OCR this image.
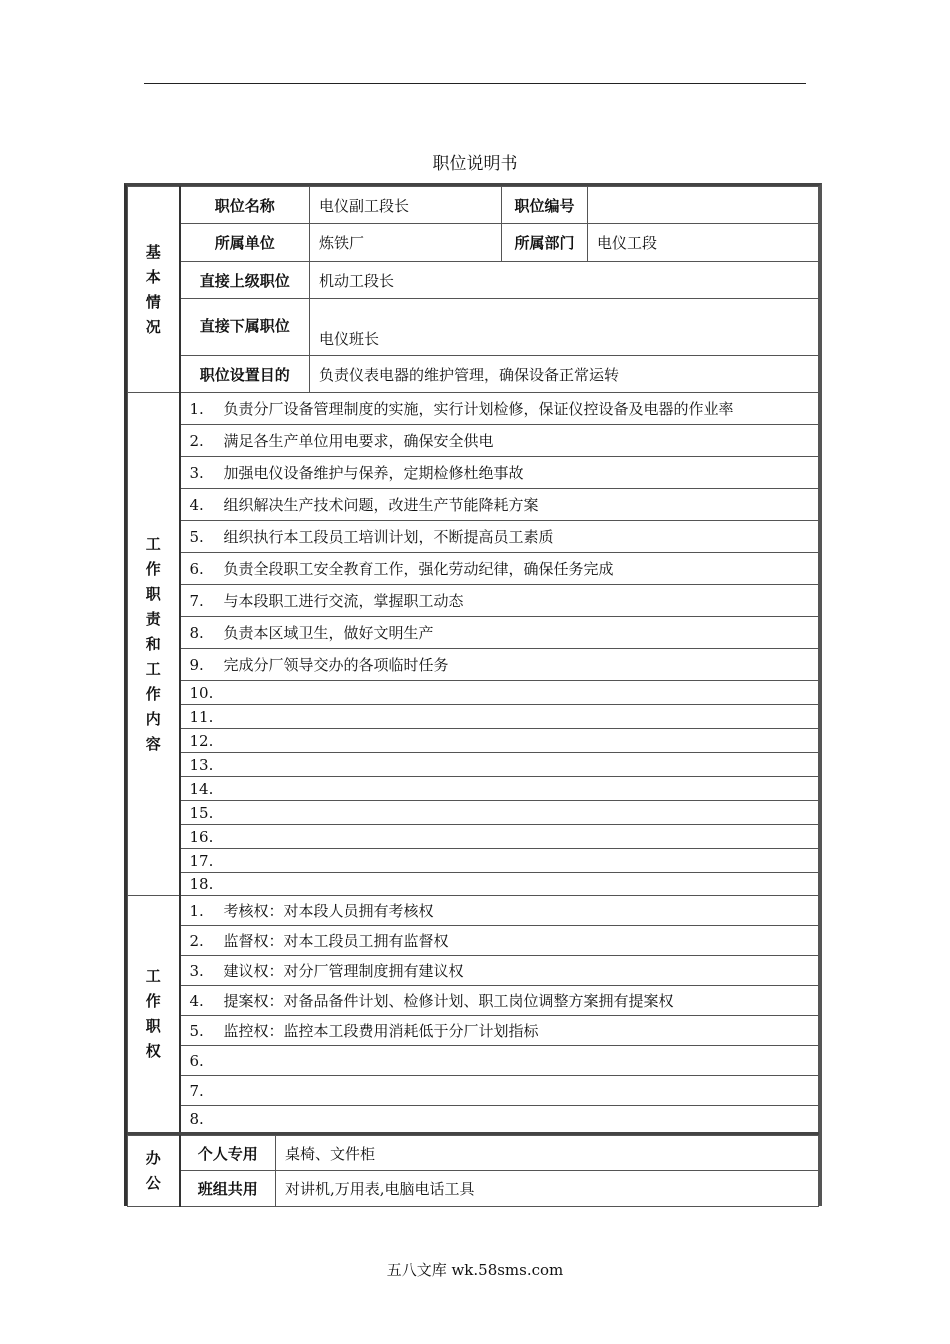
职位说明书
基
本
情
况	职位名称	电仪副工段长	职位编号	
	所属单位	炼铁厂	所属部门	电仪工段
	直接上级职位	机动工段长		
	直接下属职位	电仪班长		
	职位设置目的	负责仪表电器的维护管理，确保设备正常运转		
工
作
职
责
和
工
作
内
容
	1. 负责分厂设备管理制度的实施，实行计划检修，保证仪控设备及电器的作业率
2. 满足各生产单位用电要求，确保安全供电
3. 加强电仪设备维护与保养，定期检修杜绝事故
4. 组织解决生产技术问题，改进生产节能降耗方案
5. 组织执行本工段员工培训计划，不断提高员工素质
6. 负责全段职工安全教育工作，强化劳动纪律，确保任务完成
7. 与本段职工进行交流，掌握职工动态
8. 负责本区域卫生，做好文明生产
9. 完成分厂领导交办的各项临时任务
10.
11.
12.
13.
14.
15.
16.
17.
18.
工
作
职
权
	1. 考核权：对本段人员拥有考核权
2. 监督权：对本工段员工拥有监督权
3. 建议权：对分厂管理制度拥有建议权
4. 提案权：对备品备件计划、检修计划、职工岗位调整方案拥有提案权
5. 监控权：监控本工段费用消耗低于分厂计划指标
6.
7.
8.
办
公	个人专用	桌椅、文件柜
	班组共用	对讲机,万用表,电脑电话工具
五八文库 wk.58sms.com
